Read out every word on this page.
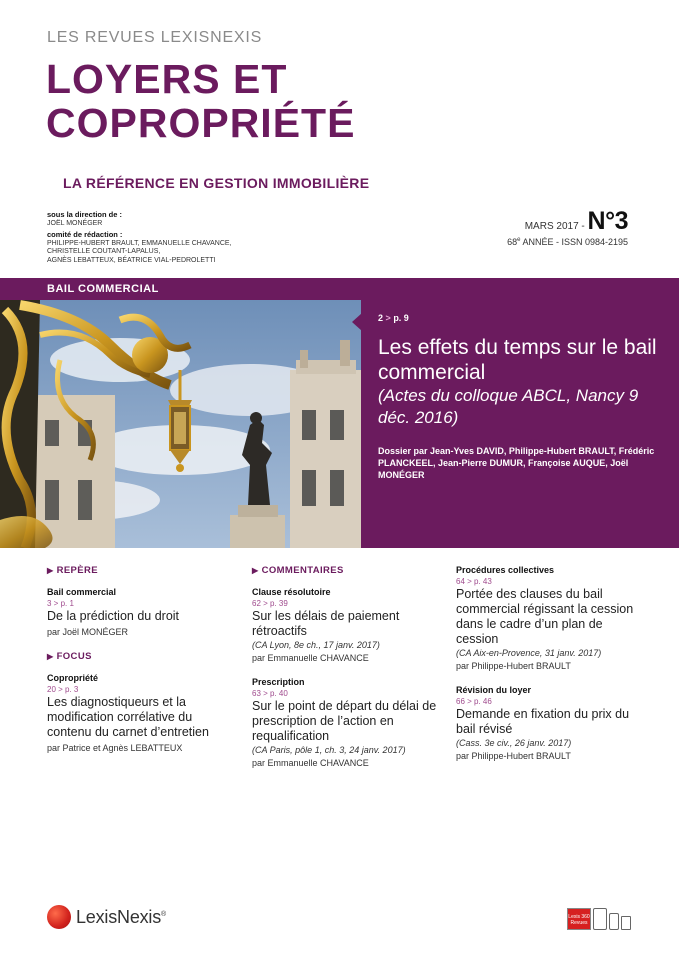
LES REVUES LEXISNEXIS
LOYERS ET
COPROPRIÉTÉ
LA RÉFÉRENCE EN GESTION IMMOBILIÈRE
sous la direction de :
JOËL MONÉGER
comité de rédaction :
PHILIPPE-HUBERT BRAULT, EMMANUELLE CHAVANCE,
CHRISTELLE COUTANT-LAPALUS,
AGNÈS LEBATTEUX, BÉATRICE VIAL-PEDROLETTI
MARS 2017 - N°3
68e ANNÉE - ISSN 0984-2195
BAIL COMMERCIAL
2 > p. 9
Les effets du temps sur le bail commercial
(Actes du colloque ABCL, Nancy 9 déc. 2016)
Dossier par Jean-Yves DAVID, Philippe-Hubert BRAULT, Frédéric PLANCKEEL, Jean-Pierre DUMUR, Françoise AUQUE, Joël MONÉGER
▶ REPÈRE
Bail commercial
3 > p. 1
De la prédiction du droit
par Joël MONÉGER
▶ FOCUS
Copropriété
20 > p. 3
Les diagnostiqueurs et la modification corrélative du contenu du carnet d’entretien
par Patrice et Agnès LEBATTEUX
▶ COMMENTAIRES
Clause résolutoire
62 > p. 39
Sur les délais de paiement rétroactifs
(CA Lyon, 8e ch., 17 janv. 2017)
par Emmanuelle CHAVANCE
Prescription
63 > p. 40
Sur le point de départ du délai de prescription de l’action en requalification
(CA Paris, pôle 1, ch. 3, 24 janv. 2017)
par Emmanuelle CHAVANCE
Procédures collectives
64 > p. 43
Portée des clauses du bail commercial régissant la cession dans le cadre d’un plan de cession
(CA Aix-en-Provence, 31 janv. 2017)
par Philippe-Hubert BRAULT
Révision du loyer
66 > p. 46
Demande en fixation du prix du bail révisé
(Cass. 3e civ., 26 janv. 2017)
par Philippe-Hubert BRAULT
LexisNexis®	Lexis 360 Revues
